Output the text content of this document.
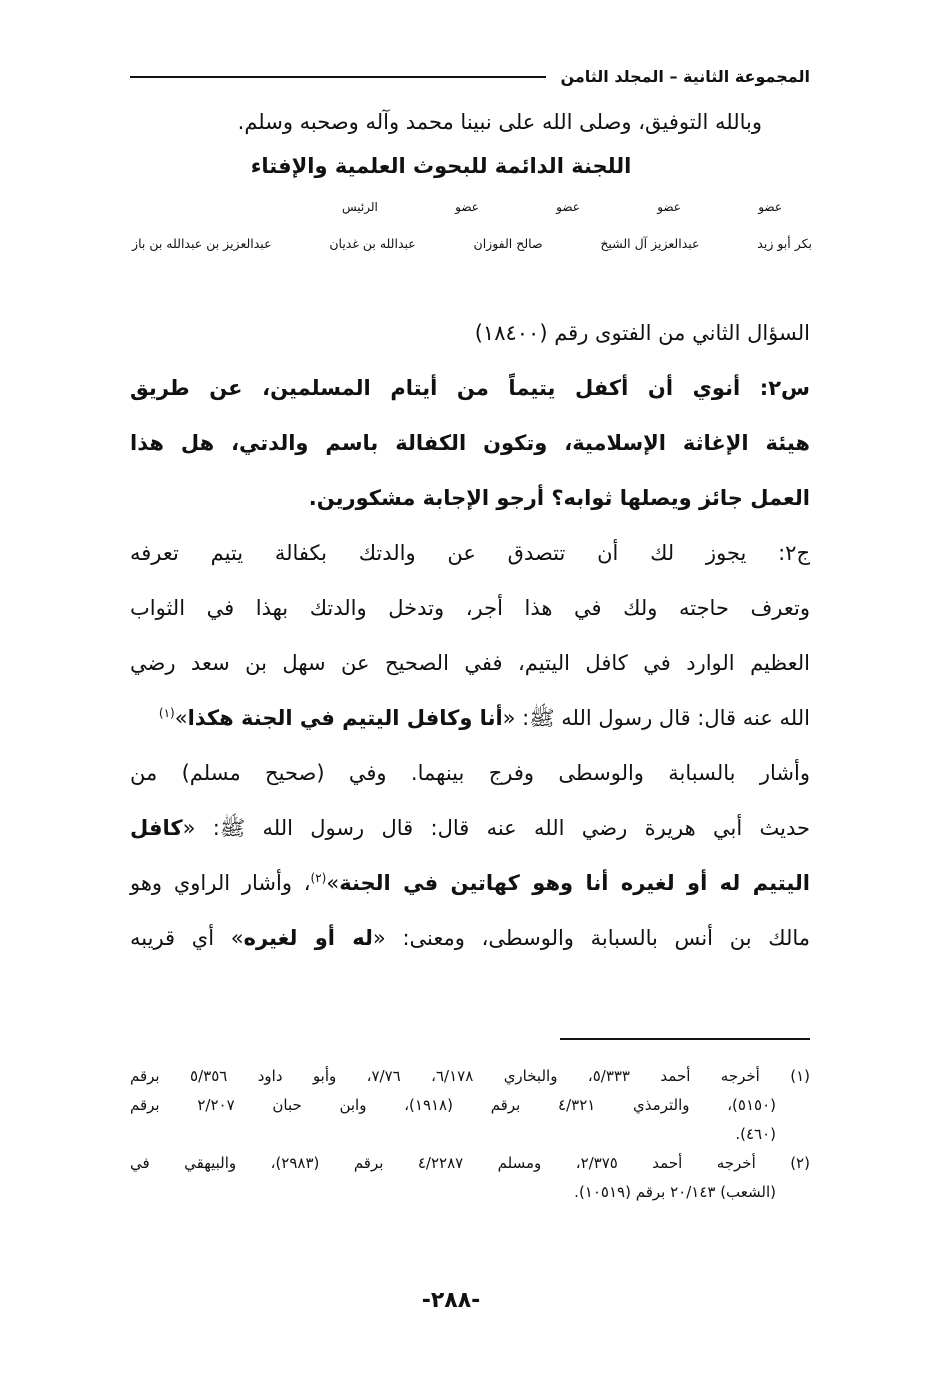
المجموعة الثانية – المجلد الثامن
وبالله التوفيق، وصلى الله على نبينا محمد وآله وصحبه وسلم.
اللجنة الدائمة للبحوث العلمية والإفتاء
عضو
عضو
عضو
عضو
الرئيس
بكر أبو زيد
عبدالعزيز آل الشيخ
صالح الفوزان
عبدالله بن غديان
عبدالعزيز بن عبدالله بن باز
السؤال الثاني من الفتوى رقم (١٨٤٠٠)
س٢: أنوي أن أكفل يتيماً من أيتام المسلمين، عن طريق
هيئة الإغاثة الإسلامية، وتكون الكفالة باسم والدتي، هل هذا
العمل جائز ويصلها ثوابه؟ أرجو الإجابة مشكورين.
ج٢: يجوز لك أن تتصدق عن والدتك بكفالة يتيم تعرفه
وتعرف حاجته ولك في هذا أجر، وتدخل والدتك بهذا في الثواب
العظيم الوارد في كافل اليتيم، ففي الصحيح عن سهل بن سعد رضي
الله عنه قال: قال رسول الله ﷺ: «أنا وكافل اليتيم في الجنة هكذا»$^{(١)}$
وأشار بالسبابة والوسطى وفرج بينهما. وفي (صحيح مسلم) من
حديث أبي هريرة رضي الله عنه قال: قال رسول الله ﷺ: «كافل
اليتيم له أو لغيره أنا وهو كهاتين في الجنة»$^{(٢)}$، وأشار الراوي وهو
مالك بن أنس بالسبابة والوسطى، ومعنى: «له أو لغيره» أي قريبه
(١) أخرجه أحمد ٥/٣٣٣، والبخاري ٦/١٧٨، ٧/٧٦، وأبو داود ٥/٣٥٦ برقم
(٥١٥٠)، والترمذي ٤/٣٢١ برقم (١٩١٨)، وابن حبان ٢/٢٠٧ برقم
(٤٦٠).
(٢) أخرجه أحمد ٢/٣٧٥، ومسلم ٤/٢٢٨٧ برقم (٢٩٨٣)، والبيهقي في
(الشعب) ٢٠/١٤٣ برقم (١٠٥١٩).
-٢٨٨-
